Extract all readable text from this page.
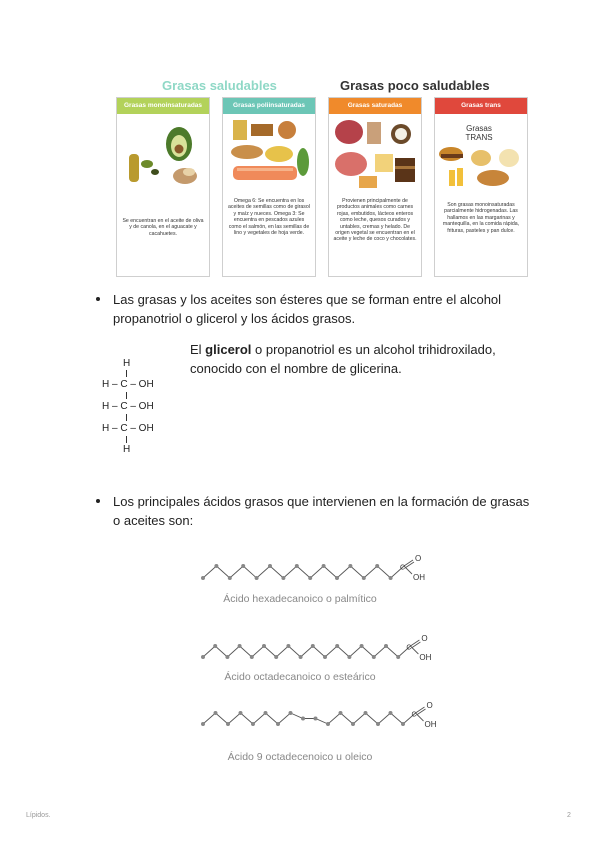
Grasas saludables	Grasas poco saludables
Grasas monoinsaturadas
Se encuentran en el aceite de oliva y de canola, en el aguacate y cacahuetes.
Grasas poliinsaturadas
Omega 6: Se encuentra en los aceites de semillas como de girasol y maíz y nueces. Omega 3: Se encuentra en pescados azules como el salmón, en las semillas de lino y vegetales de hoja verde.
Grasas saturadas
Provienen principalmente de productos animales como carnes rojas, embutidos, lácteos enteros como leche, quesos curados y untables, cremas y helado. De origen vegetal se encuentran en el aceite y leche de coco y chocolates.
Grasas trans
Grasas
TRANS
Son grasas monoinsaturadas parcialmente hidrogenadas. Las hallamos en las margarinas y mantequilla, en la comida rápida, frituras, pasteles y pan dulce.
Las grasas y los aceites son ésteres que se forman entre el alcohol propanotriol o glicerol y los ácidos grasos.
El glicerol o propanotriol es un alcohol trihidroxilado, conocido con el nombre de glicerina.
H
H – C – OH
H – C – OH
H – C – OH
H
Los principales ácidos grasos que intervienen en la formación de grasas o aceites son:
C
O
OH
C
O
OH
C
O
OH
Ácido hexadecanoico o palmítico
Ácido octadecanoico o esteárico
Ácido 9 octadecenoico u oleico
Lípidos.	2
